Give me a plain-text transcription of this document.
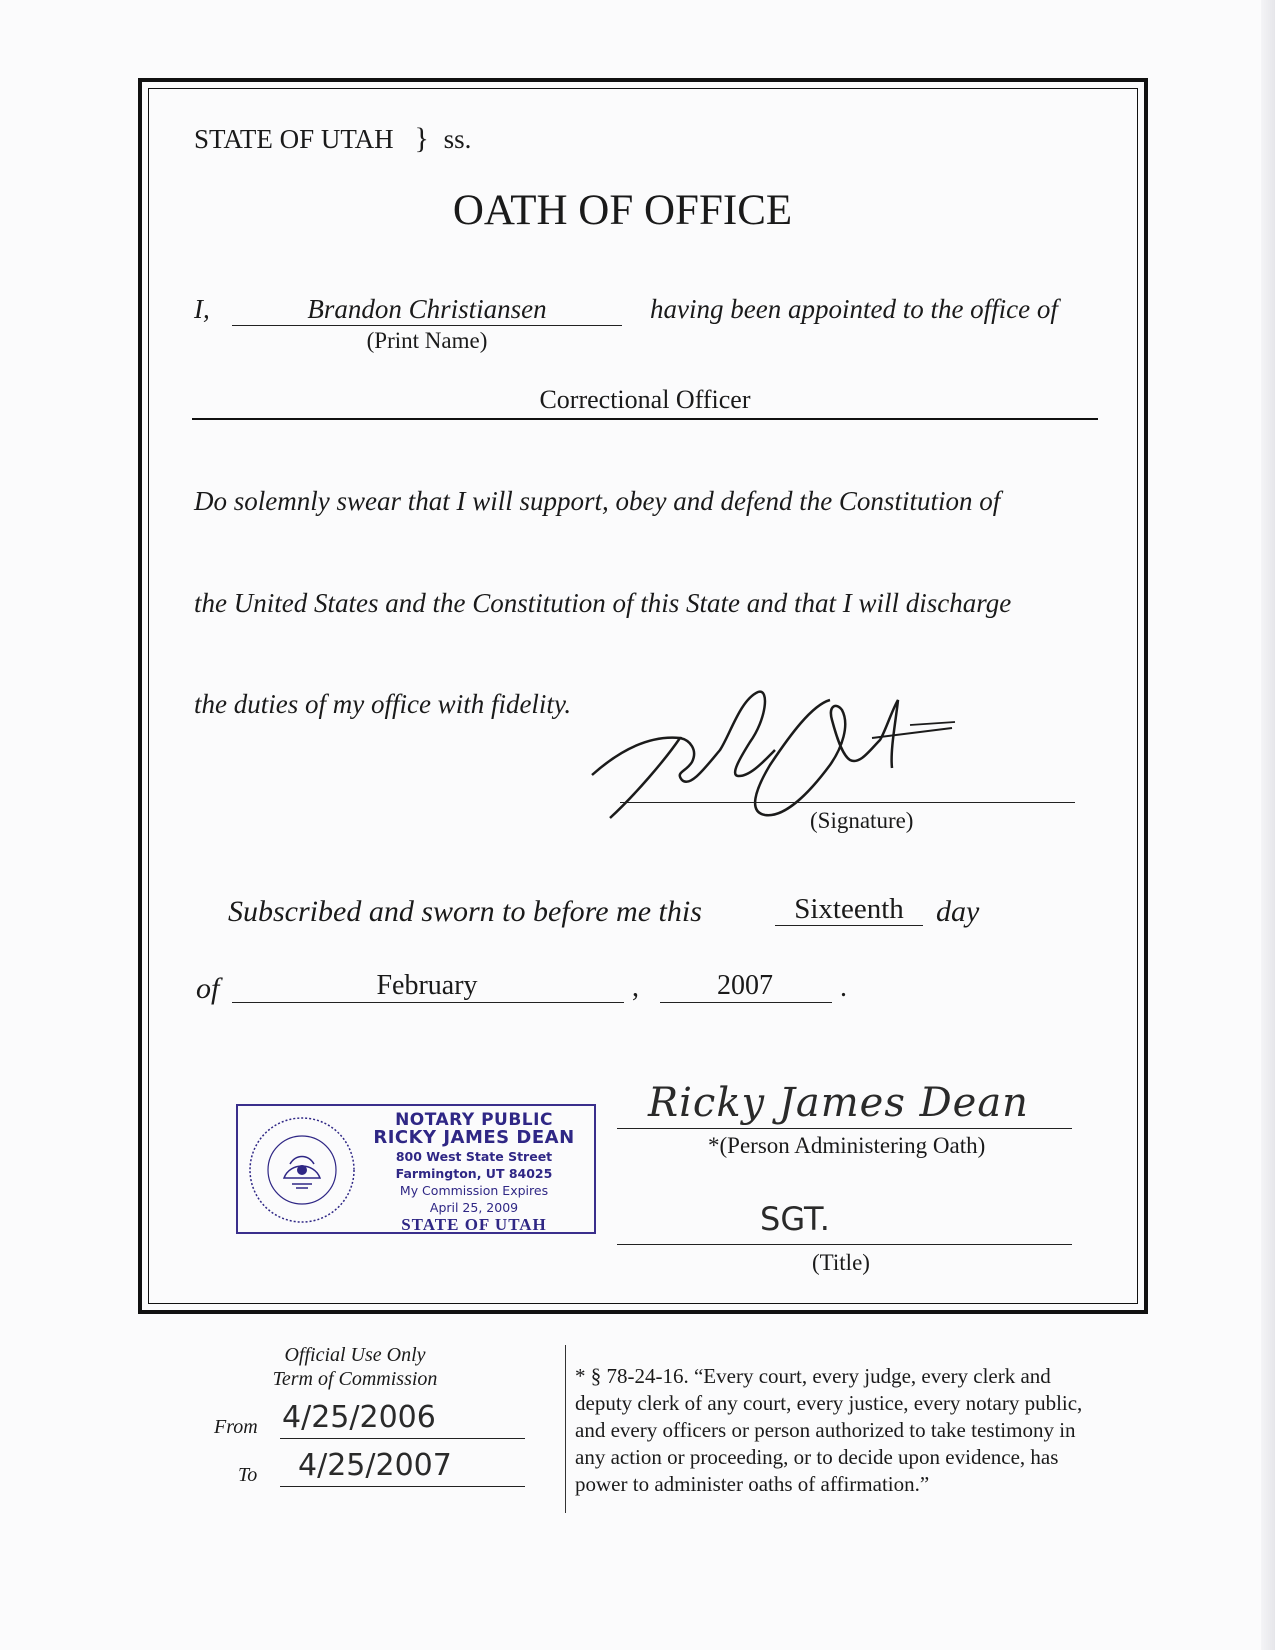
STATE OF UTAH } ss.
OATH OF OFFICE
I,	Brandon Christiansen	having been appointed to the office of
(Print Name)
Correctional Officer
Do solemnly swear that I will support, obey and defend the Constitution of
the United States and the Constitution of this State and that I will discharge
the duties of my office with fidelity.
(Signature)
Subscribed and sworn to before me this	Sixteenth	day
of	February	,	2007	.
NOTARY PUBLIC
RICKY JAMES DEAN
800 West State Street
Farmington, UT 84025
My Commission Expires
April 25, 2009
STATE OF UTAH
Ricky James Dean
*(Person Administering Oath)
SGT.
(Title)
Official Use Only
Term of Commission
From 4/25/2006
To 4/25/2007
* § 78-24-16. “Every court, every judge, every clerk and
deputy clerk of any court, every justice, every notary public,
and every officers or person authorized to take testimony in
any action or proceeding, or to decide upon evidence, has
power to administer oaths of affirmation.”
